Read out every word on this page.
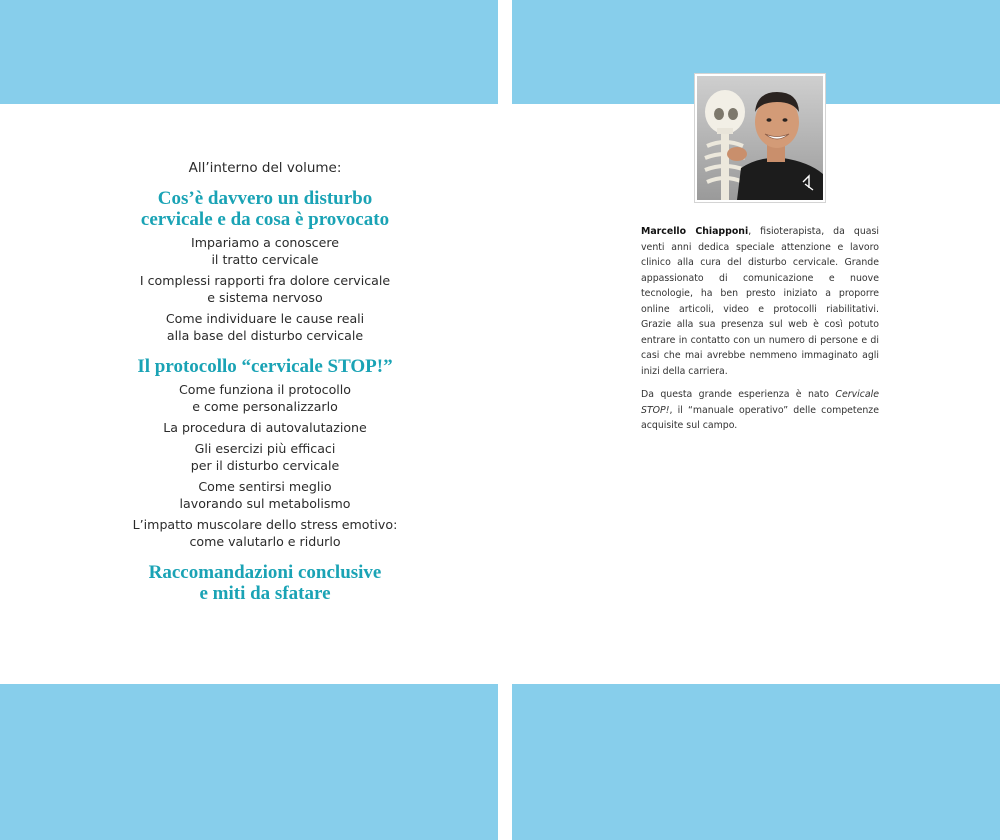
All’interno del volume:

Cos’è davvero un disturbo
cervicale e da cosa è provocato
Impariamo a conoscere
il tratto cervicale
I complessi rapporti fra dolore cervicale
e sistema nervoso
Come individuare le cause reali
alla base del disturbo cervicale
Il protocollo “cervicale STOP!”
Come funziona il protocollo
e come personalizzarlo
La procedura di autovalutazione
Gli esercizi più efficaci
per il disturbo cervicale
Come sentirsi meglio
lavorando sul metabolismo
L’impatto muscolare dello stress emotivo:
come valutarlo e ridurlo
Raccomandazioni conclusive
e miti da sfatare

Marcello Chiapponi, fisioterapista, da quasi venti anni dedica speciale attenzione e lavoro clinico alla cura del disturbo cervicale. Grande appassionato di comunicazione e nuove tecnologie, ha ben presto iniziato a proporre online articoli, video e protocolli riabilitativi. Grazie alla sua presenza sul web è così potuto entrare in contatto con un numero di persone e di casi che mai avrebbe nemmeno immaginato agli inizi della carriera.

Da questa grande esperienza è nato Cervicale STOP!, il “manuale operativo” delle competenze acquisite sul campo.
